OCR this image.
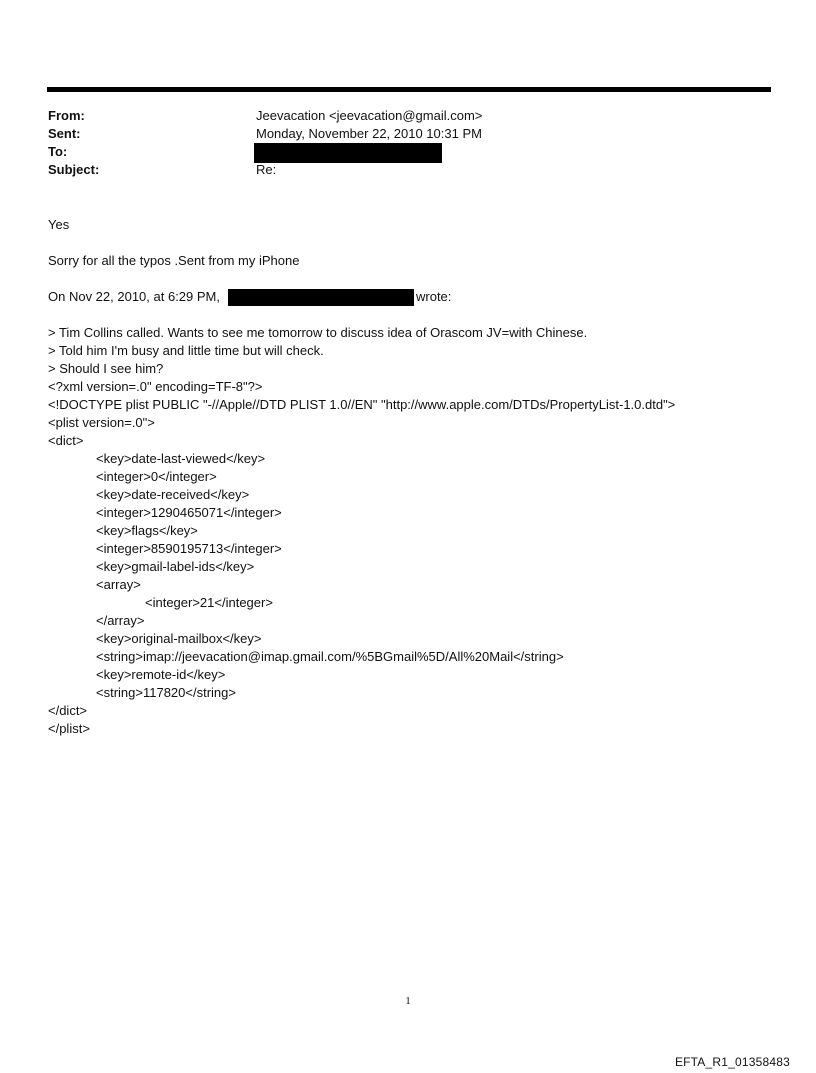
From:	Jeevacation <jeevacation@gmail.com>
Sent:	Monday, November 22, 2010 10:31 PM
To:
Subject:	Re:
Yes
Sorry for all the typos .Sent from my iPhone
On Nov 22, 2010, at 6:29 PM,	wrote:
> Tim Collins called. Wants to see me tomorrow to discuss idea of Orascom JV=with Chinese.
> Told him I'm busy and little time but will check.
> Should I see him?
<?xml version=.0" encoding=TF-8"?>
<!DOCTYPE plist PUBLIC "-//Apple//DTD PLIST 1.0//EN" "http://www.apple.com/DTDs/PropertyList-1.0.dtd">
<plist version=.0">
<dict>
<key>date-last-viewed</key>
<integer>0</integer>
<key>date-received</key>
<integer>1290465071</integer>
<key>flags</key>
<integer>8590195713</integer>
<key>gmail-label-ids</key>
<array>
<integer>21</integer>
</array>
<key>original-mailbox</key>
<string>imap://jeevacation@imap.gmail.com/%5BGmail%5D/All%20Mail</string>
<key>remote-id</key>
<string>117820</string>
</dict>
</plist>
1
EFTA_R1_01358483
